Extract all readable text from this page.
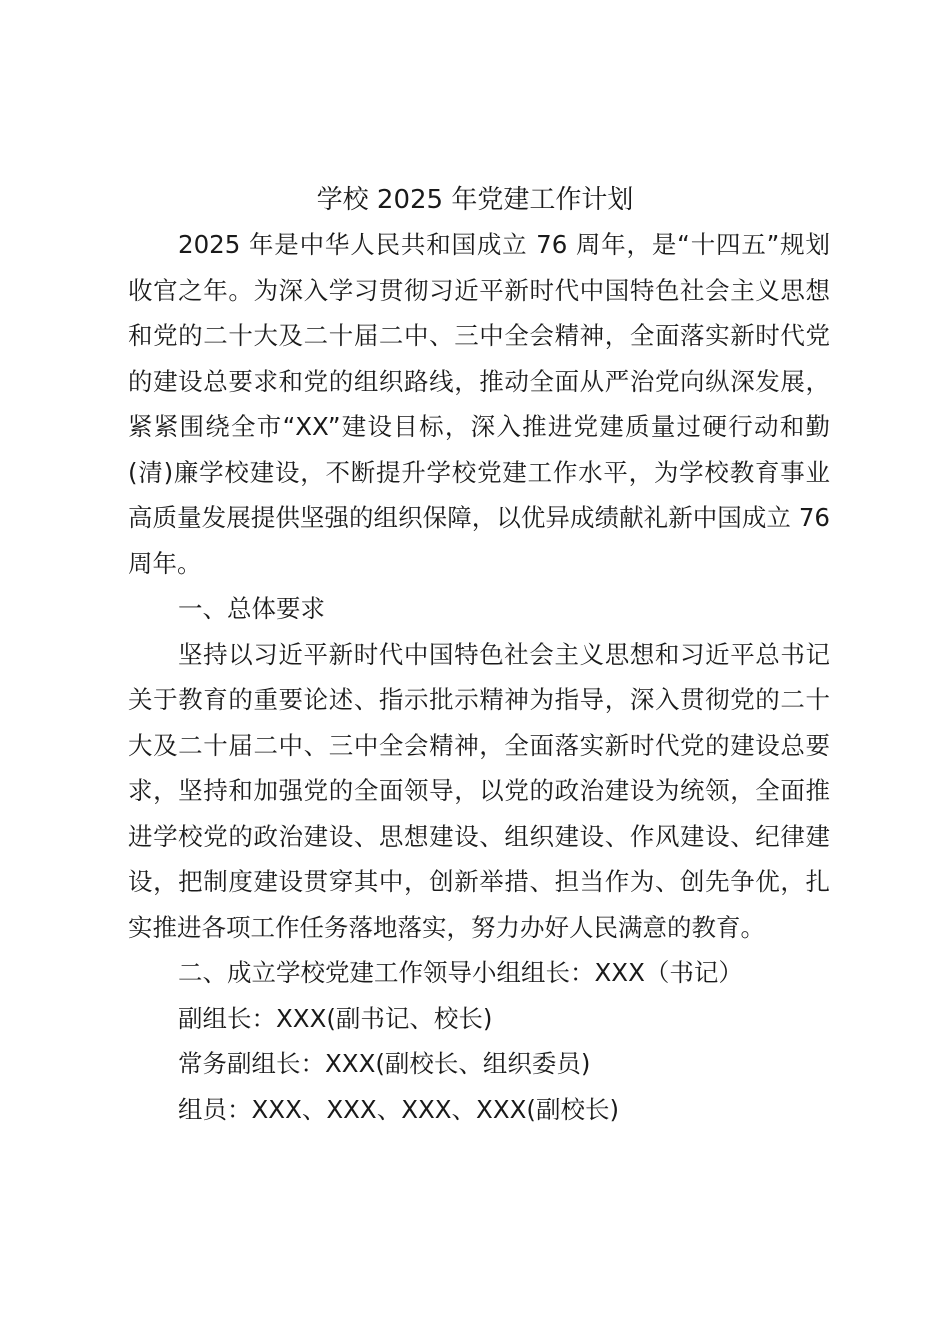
学校 2025 年党建工作计划

2025 年是中华人民共和国成立 76 周年，是“十四五”规划收官之年。为深入学习贯彻习近平新时代中国特色社会主义思想和党的二十大及二十届二中、三中全会精神，全面落实新时代党的建设总要求和党的组织路线，推动全面从严治党向纵深发展，紧紧围绕全市“XX”建设目标，深入推进党建质量过硬行动和勤(清)廉学校建设，不断提升学校党建工作水平，为学校教育事业高质量发展提供坚强的组织保障，以优异成绩献礼新中国成立 76 周年。

一、总体要求

坚持以习近平新时代中国特色社会主义思想和习近平总书记关于教育的重要论述、指示批示精神为指导，深入贯彻党的二十大及二十届二中、三中全会精神，全面落实新时代党的建设总要求，坚持和加强党的全面领导，以党的政治建设为统领，全面推进学校党的政治建设、思想建设、组织建设、作风建设、纪律建设，把制度建设贯穿其中，创新举措、担当作为、创先争优，扎实推进各项工作任务落地落实，努力办好人民满意的教育。

二、成立学校党建工作领导小组组长：XXX（书记）

副组长：XXX(副书记、校长)

常务副组长：XXX(副校长、组织委员)

组员：XXX、XXX、XXX、XXX(副校长)
